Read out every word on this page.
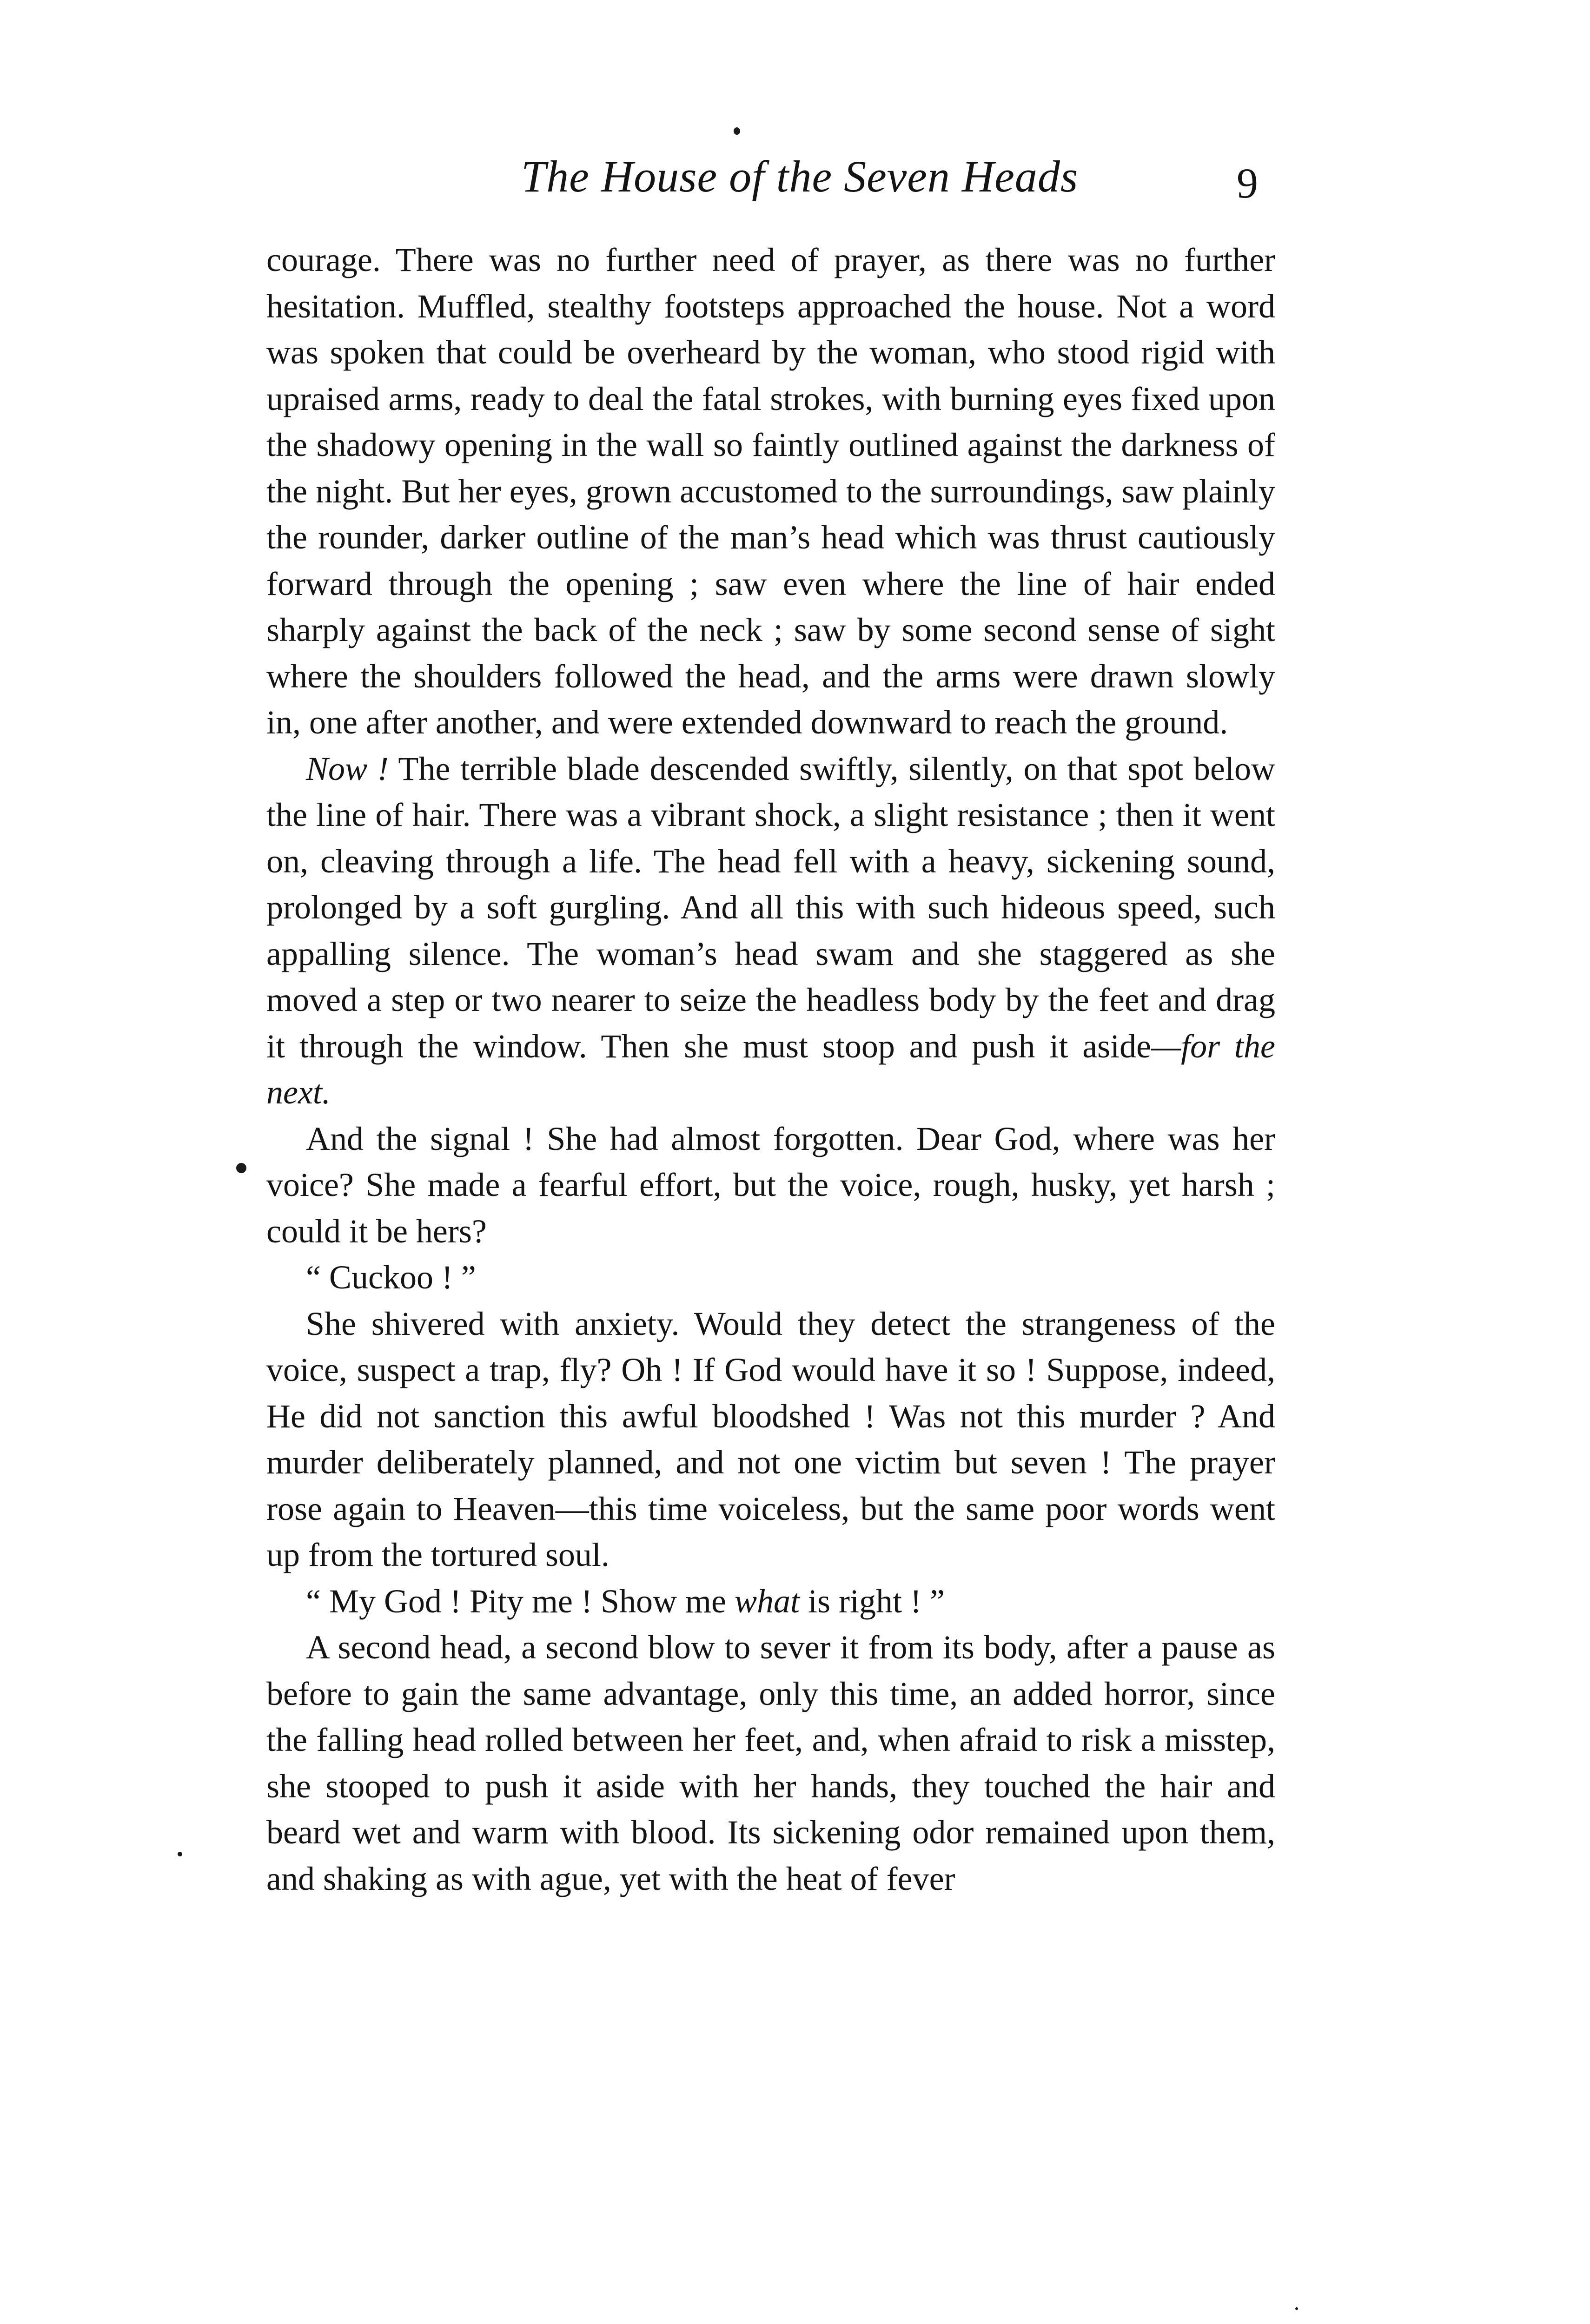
The House of the Seven Heads	9

courage. There was no further need of prayer, as there was no further hesitation. Muffled, stealthy footsteps approached the house. Not a word was spoken that could be overheard by the woman, who stood rigid with upraised arms, ready to deal the fatal strokes, with burning eyes fixed upon the shadowy opening in the wall so faintly outlined against the darkness of the night. But her eyes, grown accustomed to the surroundings, saw plainly the rounder, darker outline of the man’s head which was thrust cautiously forward through the opening ; saw even where the line of hair ended sharply against the back of the neck ; saw by some second sense of sight where the shoulders followed the head, and the arms were drawn slowly in, one after another, and were extended downward to reach the ground.

Now ! The terrible blade descended swiftly, silently, on that spot below the line of hair. There was a vibrant shock, a slight resistance ; then it went on, cleaving through a life. The head fell with a heavy, sickening sound, prolonged by a soft gurgling. And all this with such hideous speed, such appalling silence. The woman’s head swam and she staggered as she moved a step or two nearer to seize the headless body by the feet and drag it through the window. Then she must stoop and push it aside—for the next.

And the signal ! She had almost forgotten. Dear God, where was her voice? She made a fearful effort, but the voice, rough, husky, yet harsh ; could it be hers?

“ Cuckoo ! ”

She shivered with anxiety. Would they detect the strangeness of the voice, suspect a trap, fly? Oh ! If God would have it so ! Suppose, indeed, He did not sanction this awful bloodshed ! Was not this murder ? And murder deliberately planned, and not one victim but seven ! The prayer rose again to Heaven—this time voiceless, but the same poor words went up from the tortured soul.

“ My God ! Pity me ! Show me what is right ! ”

A second head, a second blow to sever it from its body, after a pause as before to gain the same advantage, only this time, an added horror, since the falling head rolled between her feet, and, when afraid to risk a misstep, she stooped to push it aside with her hands, they touched the hair and beard wet and warm with blood. Its sickening odor remained upon them, and shaking as with ague, yet with the heat of fever
